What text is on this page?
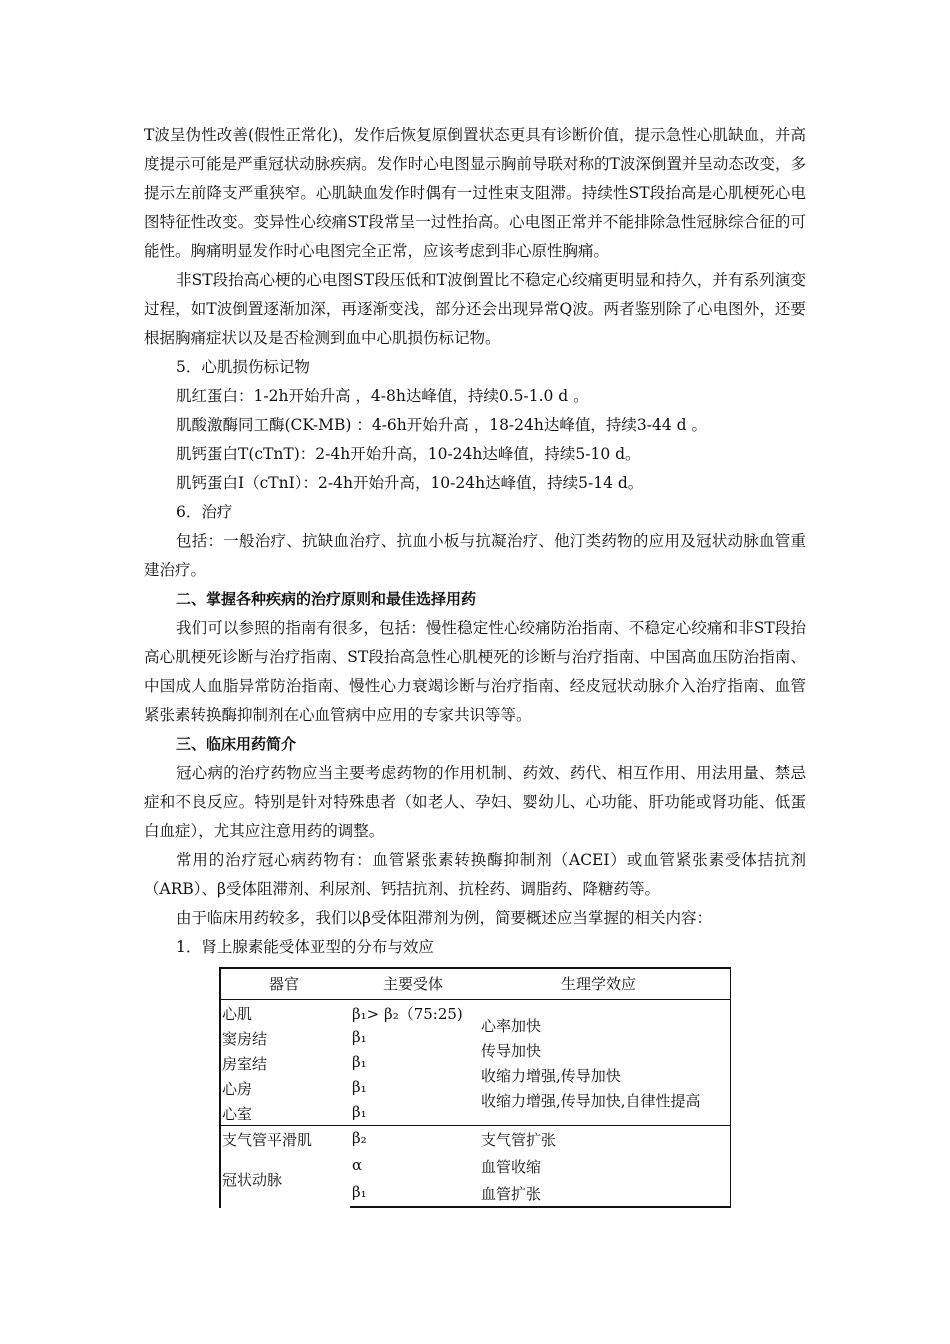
T波呈伪性改善(假性正常化)，发作后恢复原倒置状态更具有诊断价值，提示急性心肌缺血，并高度提示可能是严重冠状动脉疾病。发作时心电图显示胸前导联对称的T波深倒置并呈动态改变，多提示左前降支严重狭窄。心肌缺血发作时偶有一过性束支阻滞。持续性ST段抬高是心肌梗死心电图特征性改变。变异性心绞痛ST段常呈一过性抬高。心电图正常并不能排除急性冠脉综合征的可能性。胸痛明显发作时心电图完全正常，应该考虑到非心原性胸痛。

非ST段抬高心梗的心电图ST段压低和T波倒置比不稳定心绞痛更明显和持久，并有系列演变过程，如T波倒置逐渐加深，再逐渐变浅，部分还会出现异常Q波。两者鉴别除了心电图外，还要根据胸痛症状以及是否检测到血中心肌损伤标记物。

5．心肌损伤标记物

肌红蛋白：1-2h开始升高 ，4-8h达峰值，持续0.5-1.0 d 。

肌酸激酶同工酶(CK-MB) ：4-6h开始升高 ，18-24h达峰值，持续3-44 d 。

肌钙蛋白T(cTnT)：2-4h开始升高，10-24h达峰值，持续5-10 d。

肌钙蛋白I（cTnI）：2-4h开始升高，10-24h达峰值，持续5-14 d。

6．治疗

包括：一般治疗、抗缺血治疗、抗血小板与抗凝治疗、他汀类药物的应用及冠状动脉血管重建治疗。

二、掌握各种疾病的治疗原则和最佳选择用药

我们可以参照的指南有很多，包括：慢性稳定性心绞痛防治指南、不稳定心绞痛和非ST段抬高心肌梗死诊断与治疗指南、ST段抬高急性心肌梗死的诊断与治疗指南、中国高血压防治指南、中国成人血脂异常防治指南、慢性心力衰竭诊断与治疗指南、经皮冠状动脉介入治疗指南、血管紧张素转换酶抑制剂在心血管病中应用的专家共识等等。

三、临床用药简介

冠心病的治疗药物应当主要考虑药物的作用机制、药效、药代、相互作用、用法用量、禁忌症和不良反应。特别是针对特殊患者（如老人、孕妇、婴幼儿、心功能、肝功能或肾功能、低蛋白血症），尤其应注意用药的调整。

常用的治疗冠心病药物有：血管紧张素转换酶抑制剂（ACEI）或血管紧张素受体拮抗剂（ARB）、β受体阻滞剂、利尿剂、钙拮抗剂、抗栓药、调脂药、降糖药等。

由于临床用药较多，我们以β受体阻滞剂为例，简要概述应当掌握的相关内容：

1．肾上腺素能受体亚型的分布与效应

器官	主要受体	生理学效应
心肌
窦房结
房室结
心房
心室
β₁> β₂（75:25)
β₁
β₁
β₁
β₁
心率加快
传导加快
收缩力增强,传导加快
收缩力增强,传导加快,自律性提高
支气管平滑肌
冠状动脉
β₂
α
β₁
支气管扩张
血管收缩
血管扩张
